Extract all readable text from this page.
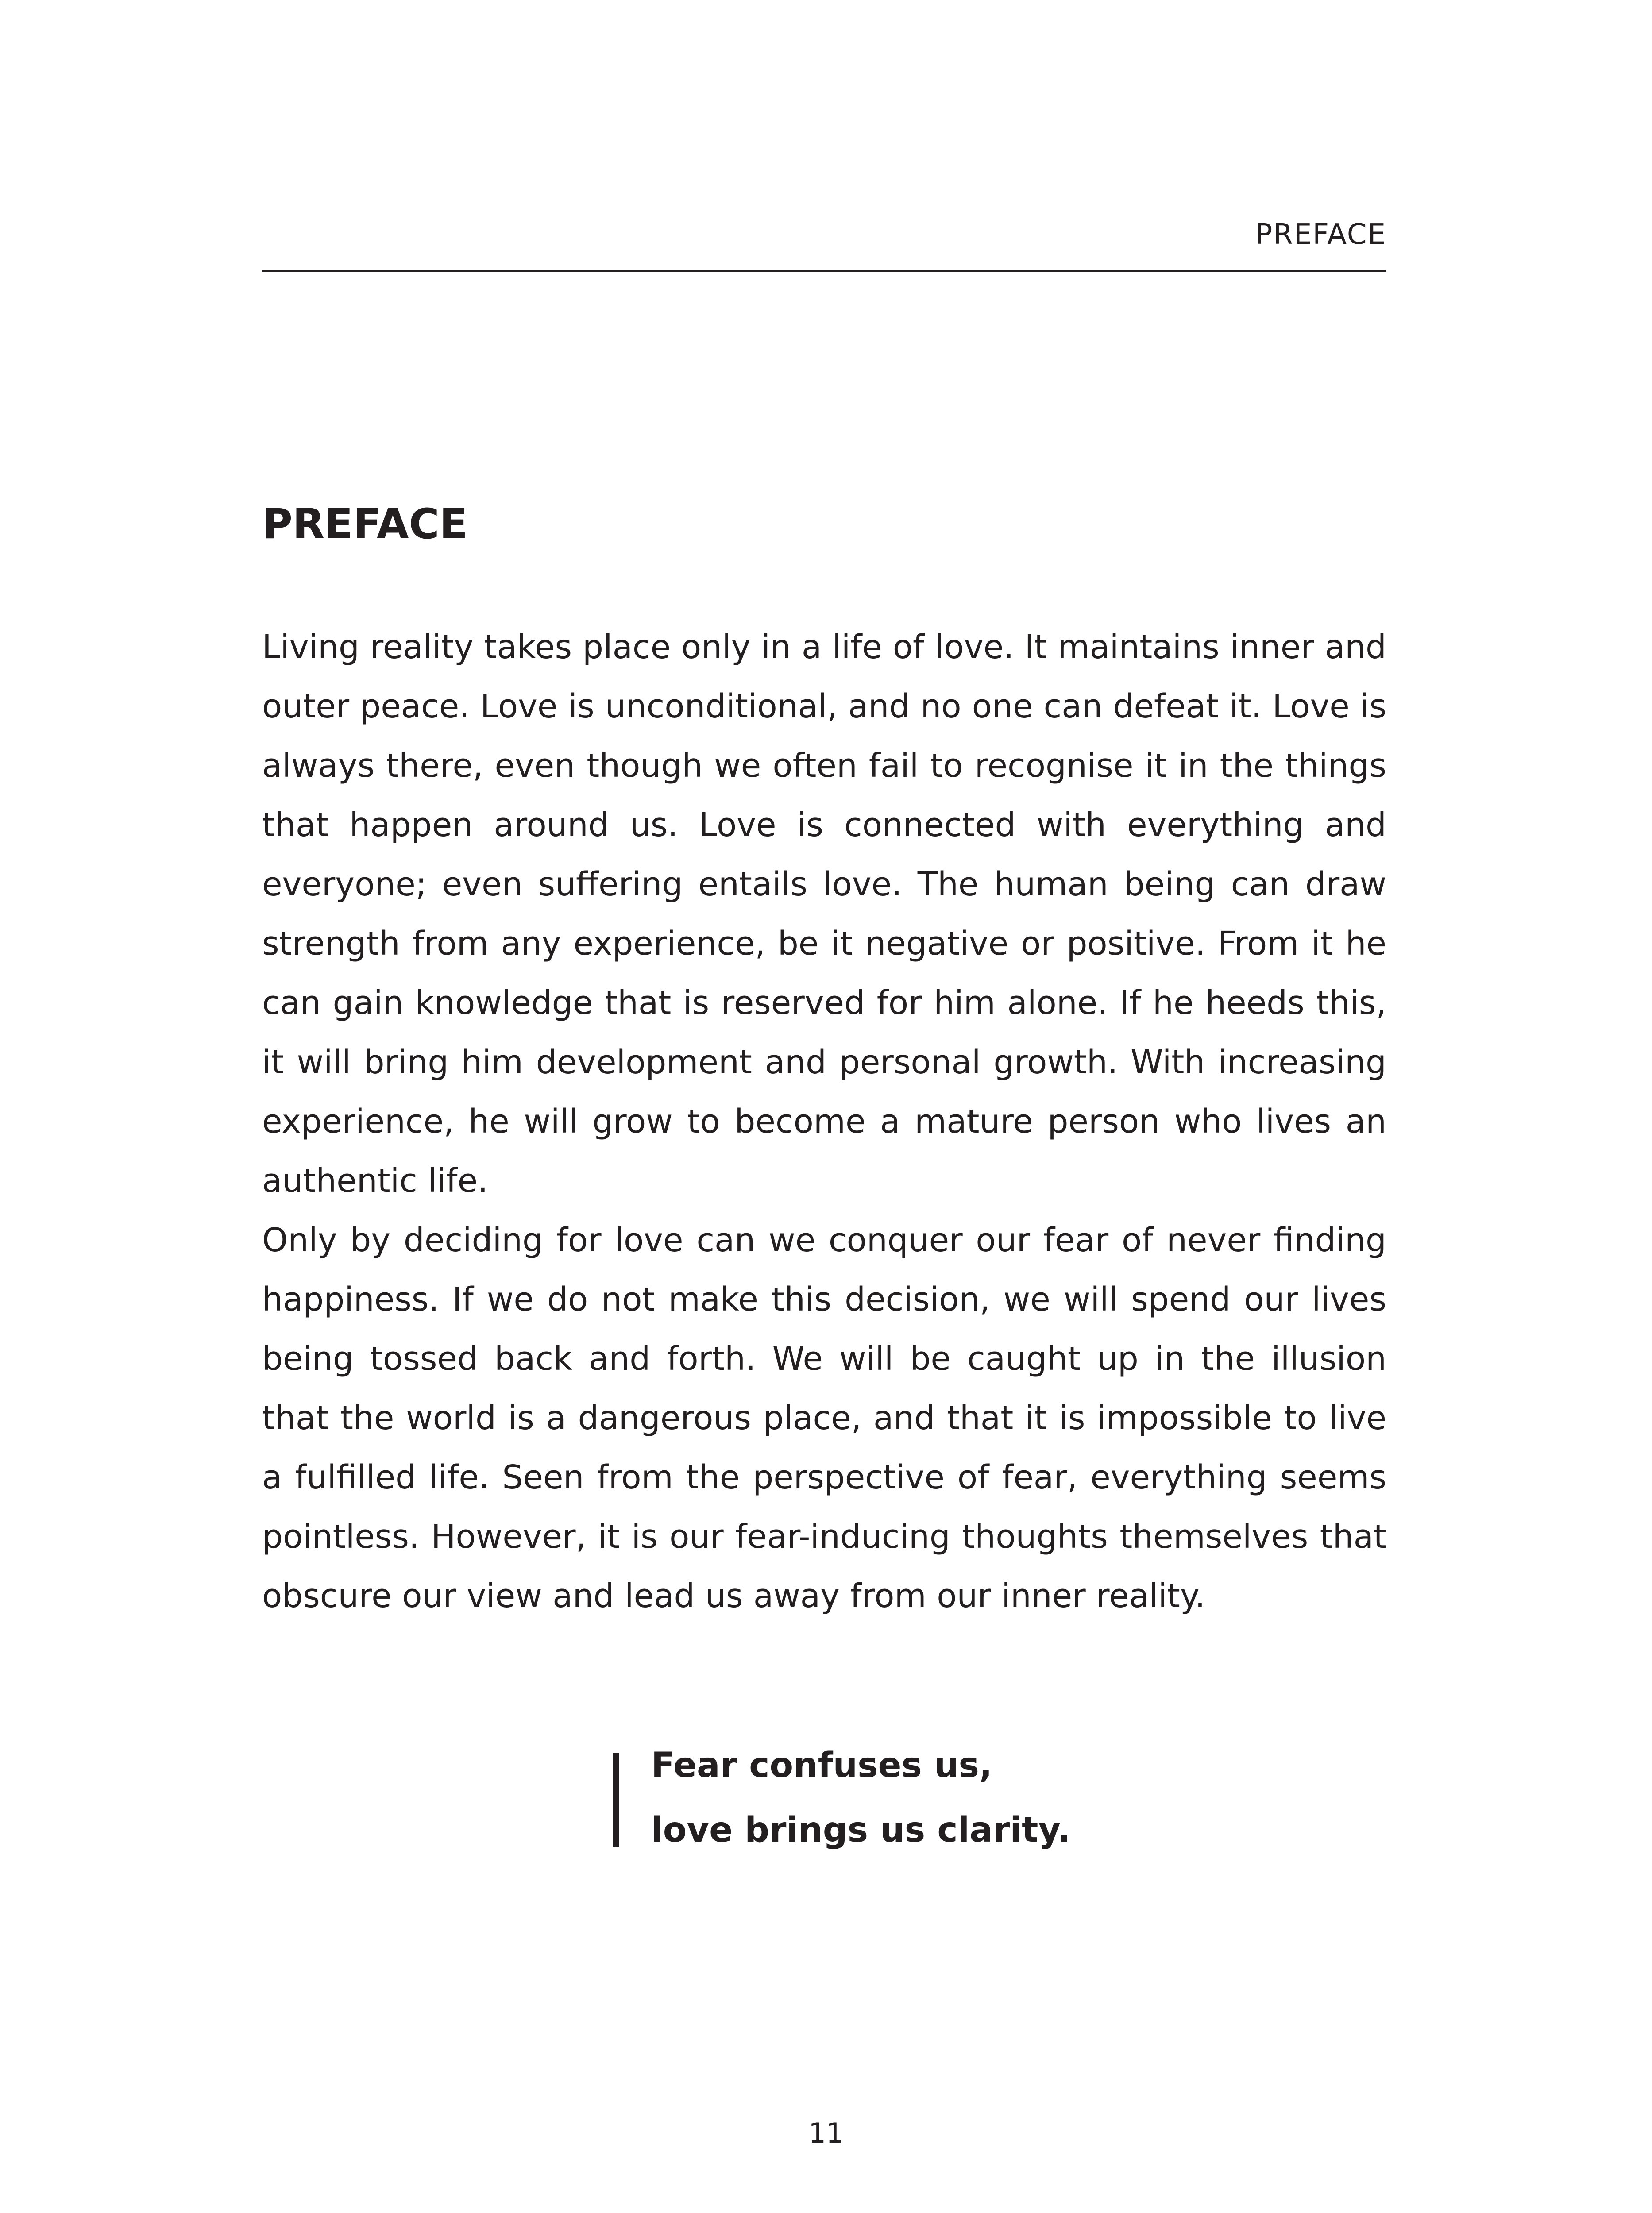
PREFACE
PREFACE

Living reality takes place only in a life of love. It maintains inner and outer peace. Love is unconditional, and no one can defeat it. Love is always there, even though we often fail to recognise it in the things that happen around us. Love is connected with everything and everyone; even suffering entails love. The human being can draw strength from any experience, be it negative or positive. From it he can gain knowledge that is reserved for him alone. If he heeds this, it will bring him development and personal growth. With increasing experience, he will grow to become a mature person who lives an authentic life.

Only by deciding for love can we conquer our fear of never finding happiness. If we do not make this decision, we will spend our lives being tossed back and forth. We will be caught up in the illusion that the world is a dangerous place, and that it is impossible to live a fulfilled life. Seen from the perspective of fear, everything seems pointless. However, it is our fear-inducing thoughts themselves that obscure our view and lead us away from our inner reality.

Fear confuses us,
love brings us clarity.
11
